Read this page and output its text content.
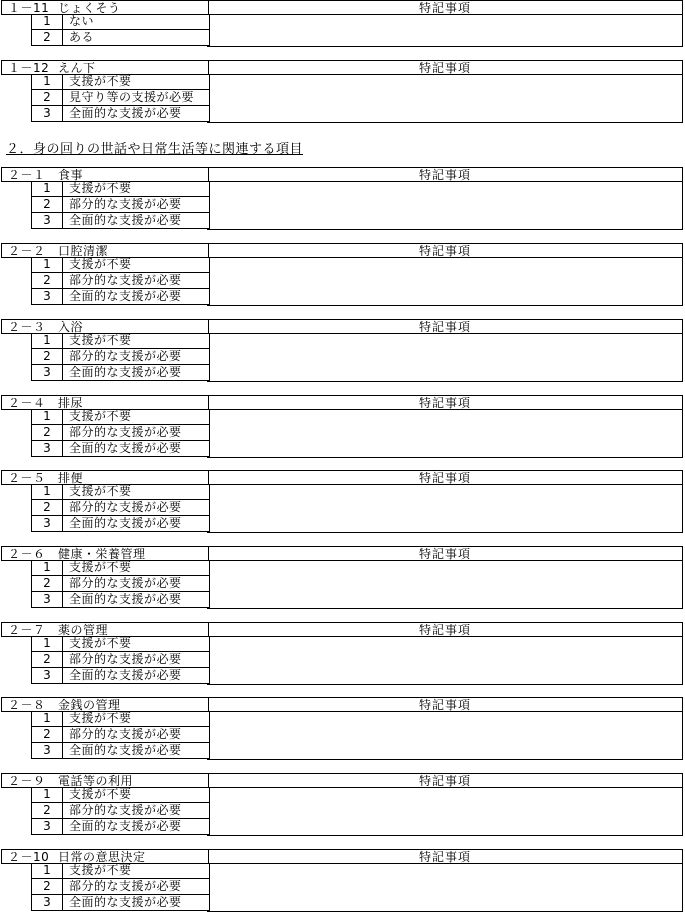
１－11 じょくそう	特記事項
1	ない
2	ある
１－12 えん下	特記事項
1	支援が不要
2	見守り等の支援が必要
3	全面的な支援が必要
２．身の回りの世話や日常生活等に関連する項目
２－１ 食事	特記事項
1	支援が不要
2	部分的な支援が必要
3	全面的な支援が必要
２－２ 口腔清潔	特記事項
1	支援が不要
2	部分的な支援が必要
3	全面的な支援が必要
２－３ 入浴	特記事項
1	支援が不要
2	部分的な支援が必要
3	全面的な支援が必要
２－４ 排尿	特記事項
1	支援が不要
2	部分的な支援が必要
3	全面的な支援が必要
２－５ 排便	特記事項
1	支援が不要
2	部分的な支援が必要
3	全面的な支援が必要
２－６ 健康・栄養管理	特記事項
1	支援が不要
2	部分的な支援が必要
3	全面的な支援が必要
２－７ 薬の管理	特記事項
1	支援が不要
2	部分的な支援が必要
3	全面的な支援が必要
２－８ 金銭の管理	特記事項
1	支援が不要
2	部分的な支援が必要
3	全面的な支援が必要
２－９ 電話等の利用	特記事項
1	支援が不要
2	部分的な支援が必要
3	全面的な支援が必要
２－10 日常の意思決定	特記事項
1	支援が不要
2	部分的な支援が必要
3	全面的な支援が必要
